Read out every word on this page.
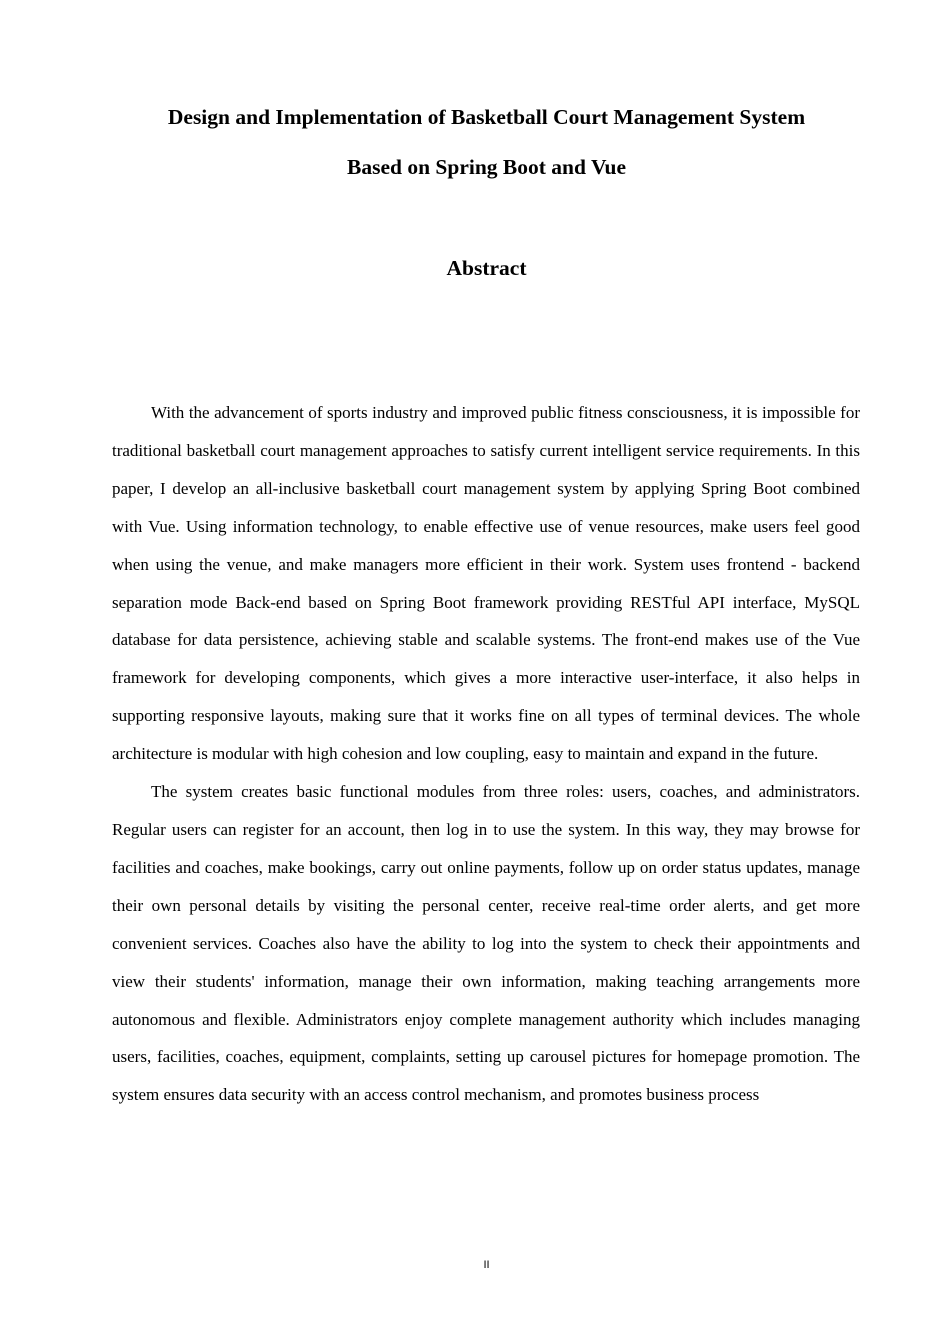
Design and Implementation of Basketball Court Management System
Based on Spring Boot and Vue
Abstract

With the advancement of sports industry and improved public fitness consciousness, it is impossible for traditional basketball court management approaches to satisfy current intelligent service requirements. In this paper, I develop an all-inclusive basketball court management system by applying Spring Boot combined with Vue. Using information technology, to enable effective use of venue resources, make users feel good when using the venue, and make managers more efficient in their work. System uses frontend - backend separation mode Back-end based on Spring Boot framework providing RESTful API interface, MySQL database for data persistence, achieving stable and scalable systems. The front-end makes use of the Vue framework for developing components, which gives a more interactive user-interface, it also helps in supporting responsive layouts, making sure that it works fine on all types of terminal devices. The whole architecture is modular with high cohesion and low coupling, easy to maintain and expand in the future.

The system creates basic functional modules from three roles: users, coaches, and administrators. Regular users can register for an account, then log in to use the system. In this way, they may browse for facilities and coaches, make bookings, carry out online payments, follow up on order status updates, manage their own personal details by visiting the personal center, receive real-time order alerts, and get more convenient services. Coaches also have the ability to log into the system to check their appointments and view their students' information, manage their own information, making teaching arrangements more autonomous and flexible. Administrators enjoy complete management authority which includes managing users, facilities, coaches, equipment, complaints, setting up carousel pictures for homepage promotion. The system ensures data security with an access control mechanism, and promotes business process

II
